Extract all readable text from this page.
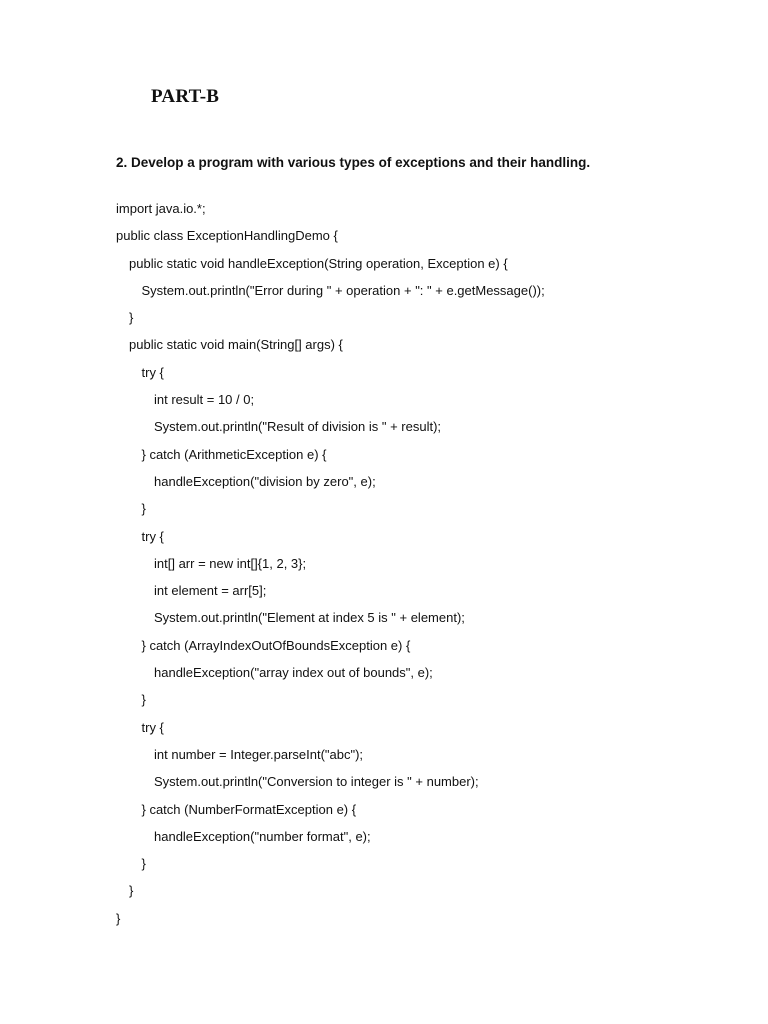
PART-B

2. Develop a program with various types of exceptions and their handling.

import java.io.*;
public class ExceptionHandlingDemo {
public static void handleException(String operation, Exception e) {
System.out.println("Error during " + operation + ": " + e.getMessage());
}
public static void main(String[] args) {
try {
int result = 10 / 0;
System.out.println("Result of division is " + result);
} catch (ArithmeticException e) {
handleException("division by zero", e);
}
try {
int[] arr = new int[]{1, 2, 3};
int element = arr[5];
System.out.println("Element at index 5 is " + element);
} catch (ArrayIndexOutOfBoundsException e) {
handleException("array index out of bounds", e);
}
try {
int number = Integer.parseInt("abc");
System.out.println("Conversion to integer is " + number);
} catch (NumberFormatException e) {
handleException("number format", e);
}
}
}
